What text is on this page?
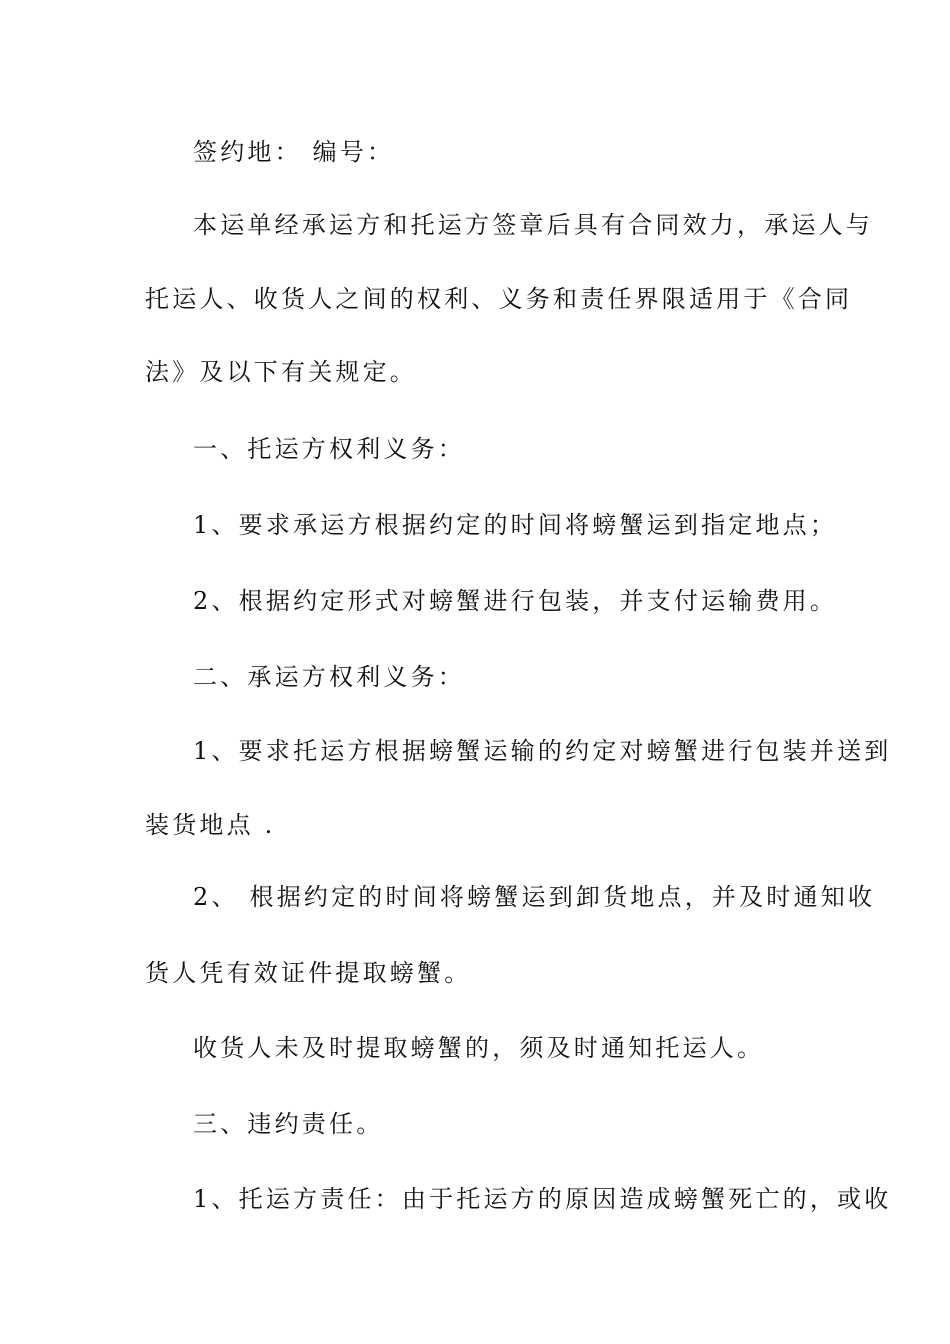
签约地： 编号：
本运单经承运方和托运方签章后具有合同效力，承运人与
托运人、收货人之间的权利、义务和责任界限适用于《合同
法》及以下有关规定。
一、托运方权利义务：
1、要求承运方根据约定的时间将螃蟹运到指定地点；
2、根据约定形式对螃蟹进行包装，并支付运输费用。
二、承运方权利义务：
1、要求托运方根据螃蟹运输的约定对螃蟹进行包装并送到
装货地点 .
2、 根据约定的时间将螃蟹运到卸货地点，并及时通知收
货人凭有效证件提取螃蟹。
收货人未及时提取螃蟹的，须及时通知托运人。
三、违约责任。
1、托运方责任：由于托运方的原因造成螃蟹死亡的，或收
